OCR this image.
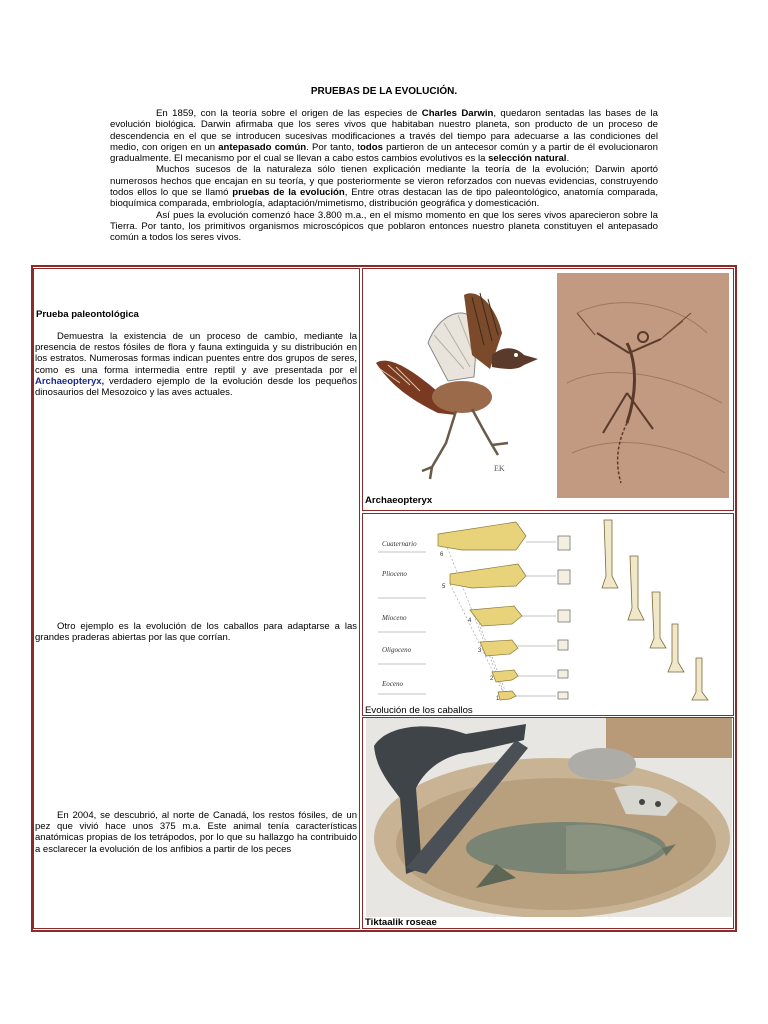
PRUEBAS DE LA EVOLUCIÓN.

En 1859, con la teoría sobre el origen de las especies de Charles Darwin, quedaron sentadas las bases de la evolución biológica. Darwin afirmaba que los seres vivos que habitaban nuestro planeta, son producto de un proceso de descendencia en el que se introducen sucesivas modificaciones a través del tiempo para adecuarse a las condiciones del medio, con origen en un antepasado común. Por tanto, todos partieron de un antecesor común y a partir de él evolucionaron gradualmente. El mecanismo por el cual se llevan a cabo estos cambios evolutivos es la selección natural.

Muchos sucesos de la naturaleza sólo tienen explicación mediante la teoría de la evolución; Darwin aportó numerosos hechos que encajan en su teoría, y que posteriormente se vieron reforzados con nuevas evidencias, construyendo todos ellos lo que se llamó pruebas de la evolución, Entre otras destacan las de tipo paleontológico, anatomía comparada, bioquímica comparada, embriología, adaptación/mimetismo, distribución geográfica y domesticación.

Así pues la evolución comenzó hace 3.800 m.a., en el mismo momento en que los seres vivos aparecieron sobre la Tierra. Por tanto, los primitivos organismos microscópicos que poblaron entonces nuestro planeta constituyen el antepasado común a todos los seres vivos.

Prueba paleontológica

Demuestra la existencia de un proceso de cambio, mediante la presencia de restos fósiles de flora y fauna extinguida y su distribución en los estratos. Numerosas formas indican puentes entre dos grupos de seres, como es una forma intermedia entre reptil y ave presentada por el Archaeopteryx, verdadero ejemplo de la evolución desde los pequeños dinosaurios del Mesozoico y las aves actuales.

Otro ejemplo es la evolución de los caballos para adaptarse a las grandes praderas abiertas por las que corrían.

En 2004, se descubrió, al norte de Canadá, los restos fósiles, de un pez que vivió hace unos 375 m.a. Este animal tenía características anatómicas propias de los tetrápodos, por lo que su hallazgo ha contribuido a esclarecer la evolución de los anfibios a partir de los peces

EK
Archaeopteryx
Cuaternario
Plioceno
Mioceno
Oligoceno
Eoceno
6
5
4
3
2
1
Evolución de los caballos
Tiktaalik roseae
